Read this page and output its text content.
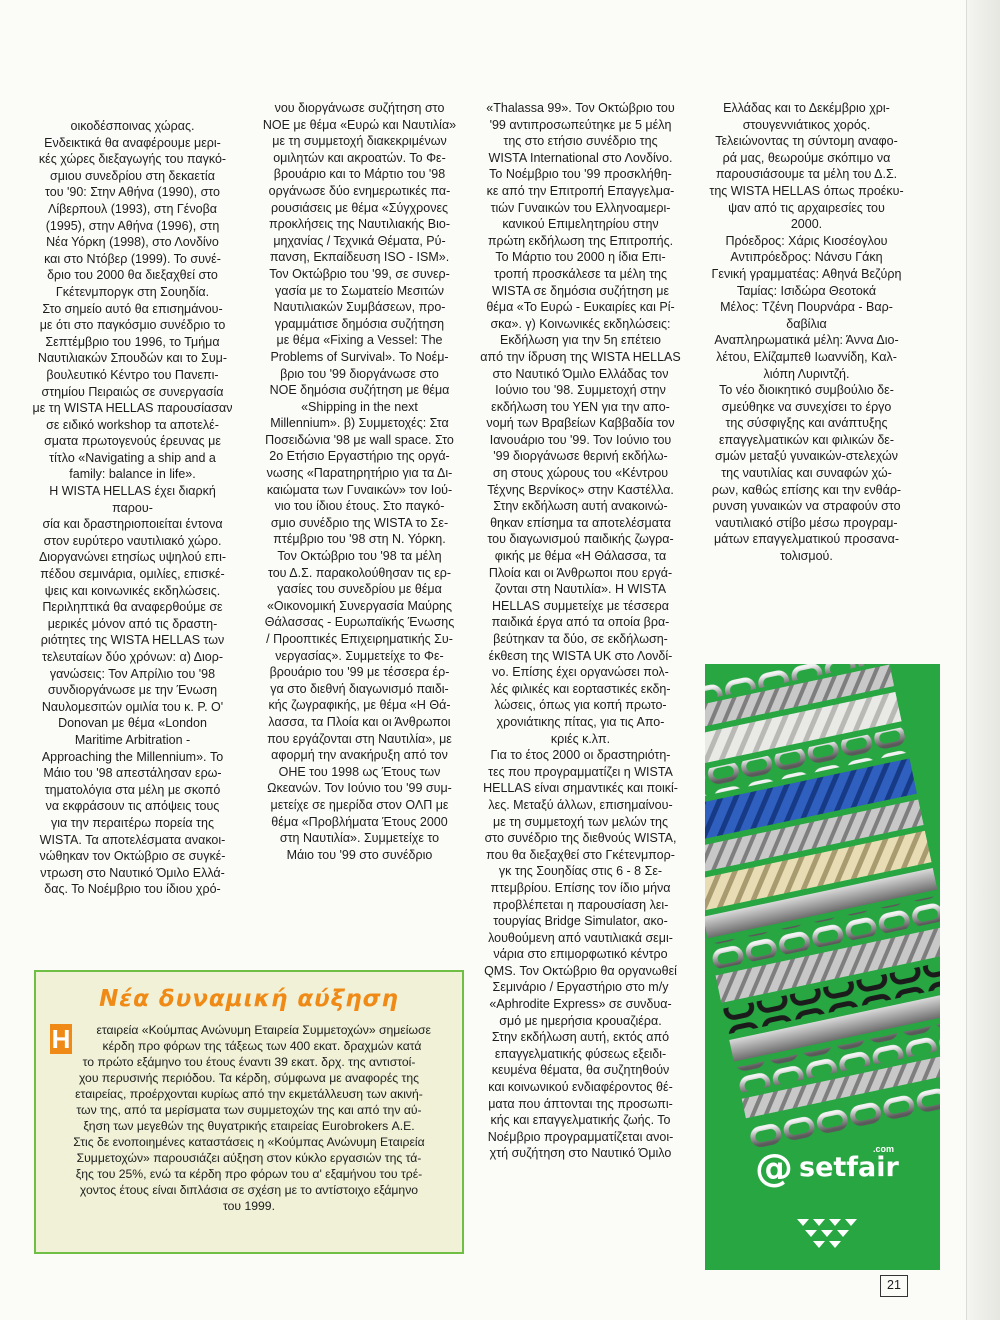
οικοδέσποινας χώρας.
Ενδεικτικά θα αναφέρουμε μερι-
κές χώρες διεξαγωγής του παγκό-
σμιου συνεδρίου στη δεκαετία
του '90: Στην Αθήνα (1990), στο
Λίβερπουλ (1993), στη Γένοβα
(1995), στην Αθήνα (1996), στη
Νέα Υόρκη (1998), στο Λονδίνο
και στο Ντόβερ (1999). Το συνέ-
δριο του 2000 θα διεξαχθεί στο
Γκέτενμποργκ στη Σουηδία.
Στο σημείο αυτό θα επισημάνου-
με ότι στο παγκόσμιο συνέδριο το
Σεπτέμβριο του 1996, το Τμήμα
Ναυτιλιακών Σπουδών και το Συμ-
βουλευτικό Κέντρο του Πανεπι-
στημίου Πειραιώς σε συνεργασία
με τη WISTA HELLAS παρουσίασαν
σε ειδικό workshop τα αποτελέ-
σματα πρωτογενούς έρευνας με
τίτλο «Navigating a ship and a
family: balance in life».
Η WISTA HELLAS έχει διαρκή παρου-
σία και δραστηριοποιείται έντονα
στον ευρύτερο ναυτιλιακό χώρο.
Διοργανώνει ετησίως υψηλού επι-
πέδου σεμινάρια, ομιλίες, επισκέ-
ψεις και κοινωνικές εκδηλώσεις.
Περιληπτικά θα αναφερθούμε σε
μερικές μόνον από τις δραστη-
ριότητες της WISTA HELLAS των
τελευταίων δύο χρόνων: α) Διορ-
γανώσεις: Τον Απρίλιο του '98
συνδιοργάνωσε με την Ένωση
Ναυλομεσιτών ομιλία του κ. Ρ. Ο'
Donovan με θέμα «London
Maritime Arbitration -
Approaching the Millennium». Το
Μάιο του '98 απεστάλησαν ερω-
τηματολόγια στα μέλη με σκοπό
να εκφράσουν τις απόψεις τους
για την περαιτέρω πορεία της
WISTA. Τα αποτελέσματα ανακοι-
νώθηκαν τον Οκτώβριο σε συγκέ-
ντρωση στο Ναυτικό Όμιλο Ελλά-
δας. Το Νοέμβριο του ίδιου χρό-

νου διοργάνωσε συζήτηση στο
ΝΟΕ με θέμα «Ευρώ και Ναυτιλία»
με τη συμμετοχή διακεκριμένων
ομιλητών και ακροατών. Το Φε-
βρουάριο και το Μάρτιο του '98
οργάνωσε δύο ενημερωτικές πα-
ρουσιάσεις με θέμα «Σύγχρονες
προκλήσεις της Ναυτιλιακής Βιο-
μηχανίας / Τεχνικά Θέματα, Ρύ-
πανση, Εκπαίδευση ISO - ISM».
Τον Οκτώβριο του '99, σε συνερ-
γασία με το Σωματείο Μεσιτών
Ναυτιλιακών Συμβάσεων, προ-
γραμμάτισε δημόσια συζήτηση
με θέμα «Fixing a Vessel: The
Problems of Survival». Το Νοέμ-
βριο του '99 διοργάνωσε στο
ΝΟΕ δημόσια συζήτηση με θέμα
«Shipping in the next
Millennium». β) Συμμετοχές: Στα
Ποσειδώνια '98 με wall space. Στο
2ο Ετήσιο Εργαστήριο της οργά-
νωσης «Παρατηρητήριο για τα Δι-
καιώματα των Γυναικών» τον Ιού-
νιο του ίδιου έτους. Στο παγκό-
σμιο συνέδριο της WISTA το Σε-
πτέμβριο του '98 στη Ν. Υόρκη.
Τον Οκτώβριο του '98 τα μέλη
του Δ.Σ. παρακολούθησαν τις ερ-
γασίες του συνεδρίου με θέμα
«Οικονομική Συνεργασία Μαύρης
Θάλασσας - Ευρωπαϊκής Ένωσης
/ Προοπτικές Επιχειρηματικής Συ-
νεργασίας». Συμμετείχε το Φε-
βρουάριο του '99 με τέσσερα έρ-
γα στο διεθνή διαγωνισμό παιδι-
κής ζωγραφικής, με θέμα «Η Θά-
λασσα, τα Πλοία και οι Άνθρωποι
που εργάζονται στη Ναυτιλία», με
αφορμή την ανακήρυξη από τον
ΟΗΕ του 1998 ως Έτους των
Ωκεανών. Τον Ιούνιο του '99 συμ-
μετείχε σε ημερίδα στον ΟΛΠ με
θέμα «Προβλήματα Έτους 2000
στη Ναυτιλία». Συμμετείχε το
Μάιο του '99 στο συνέδριο

«Thalassa 99». Τον Οκτώβριο του
'99 αντιπροσωπεύτηκε με 5 μέλη
της στο ετήσιο συνέδριο της
WISTA International στο Λονδίνο.
Το Νοέμβριο του '99 προσκλήθη-
κε από την Επιτροπή Επαγγελμα-
τιών Γυναικών του Ελληνοαμερι-
κανικού Επιμελητηρίου στην
πρώτη εκδήλωση της Επιτροπής.
Το Μάρτιο του 2000 η ίδια Επι-
τροπή προσκάλεσε τα μέλη της
WISTA σε δημόσια συζήτηση με
θέμα «Το Ευρώ - Ευκαιρίες και Ρί-
σκα». γ) Κοινωνικές εκδηλώσεις:
Εκδήλωση για την 5η επέτειο
από την ίδρυση της WISTA HELLAS
στο Ναυτικό Όμιλο Ελλάδας τον
Ιούνιο του '98. Συμμετοχή στην
εκδήλωση του ΥΕΝ για την απο-
νομή των Βραβείων Καββαδία τον
Ιανουάριο του '99. Τον Ιούνιο του
'99 διοργάνωσε θερινή εκδήλω-
ση στους χώρους του «Κέντρου
Τέχνης Βερνίκος» στην Καστέλλα.
Στην εκδήλωση αυτή ανακοινώ-
θηκαν επίσημα τα αποτελέσματα
του διαγωνισμού παιδικής ζωγρα-
φικής με θέμα «Η Θάλασσα, τα
Πλοία και οι Άνθρωποι που εργά-
ζονται στη Ναυτιλία». Η WISTA
HELLAS συμμετείχε με τέσσερα
παιδικά έργα από τα οποία βρα-
βεύτηκαν τα δύο, σε εκδήλωση-
έκθεση της WISTA UK στο Λονδί-
νο. Επίσης έχει οργανώσει πολ-
λές φιλικές και εορταστικές εκδη-
λώσεις, όπως για κοπή πρωτο-
χρονιάτικης πίτας, για τις Απο-
κριές κ.λπ.
Για το έτος 2000 οι δραστηριότη-
τες που προγραμματίζει η WISTA
HELLAS είναι σημαντικές και ποικί-
λες. Μεταξύ άλλων, επισημαίνου-
με τη συμμετοχή των μελών της
στο συνέδριο της διεθνούς WISTA,
που θα διεξαχθεί στο Γκέτενμπορ-
γκ της Σουηδίας στις 6 - 8 Σε-
πτεμβρίου. Επίσης τον ίδιο μήνα
προβλέπεται η παρουσίαση λει-
τουργίας Bridge Simulator, ακο-
λουθούμενη από ναυτιλιακά σεμι-
νάρια στο επιμορφωτικό κέντρο
QMS. Τον Οκτώβριο θα οργανωθεί
Σεμινάριο / Εργαστήριο στο m/y
«Aphrodite Express» σε συνδυα-
σμό με ημερήσια κρουαζιέρα.
Στην εκδήλωση αυτή, εκτός από
επαγγελματικής φύσεως εξειδι-
κευμένα θέματα, θα συζητηθούν
και κοινωνικού ενδιαφέροντος θέ-
ματα που άπτονται της προσωπι-
κής και επαγγελματικής ζωής. Το
Νοέμβριο προγραμματίζεται ανοι-
χτή συζήτηση στο Ναυτικό Όμιλο

Ελλάδας και το Δεκέμβριο χρι-
στουγεννιάτικος χορός.
Τελειώνοντας τη σύντομη αναφο-
ρά μας, θεωρούμε σκόπιμο να
παρουσιάσουμε τα μέλη του Δ.Σ.
της WISTA HELLAS όπως προέκυ-
ψαν από τις αρχαιρεσίες του
2000.
Πρόεδρος: Χάρις Κιοσέογλου
Αντιπρόεδρος: Νάνσυ Γάκη
Γενική γραμματέας: Αθηνά Βεζύρη
Ταμίας: Ισιδώρα Θεοτοκά
Μέλος: Τζένη Πουρνάρα - Βαρ-
δαβίλια
Αναπληρωματικά μέλη: Άννα Διο-
λέτου, Ελίζαμπεθ Ιωαννίδη, Καλ-
λιόπη Λυριντζή.
Το νέο διοικητικό συμβούλιο δε-
σμεύθηκε να συνεχίσει το έργο
της σύσφιγξης και ανάπτυξης
επαγγελματικών και φιλικών δε-
σμών μεταξύ γυναικών-στελεχών
της ναυτιλίας και συναφών χώ-
ρων, καθώς επίσης και την ενθάρ-
ρυνση γυναικών να στραφούν στο
ναυτιλιακό στίβο μέσω προγραμ-
μάτων επαγγελματικού προσανα-
τολισμού.

Νέα δυναμική αύξηση

Η εταιρεία «Κούμπας Ανώνυμη Εταιρεία Συμμετοχών» σημείωσε
κέρδη προ φόρων της τάξεως των 400 εκατ. δραχμών κατά
το πρώτο εξάμηνο του έτους έναντι 39 εκατ. δρχ. της αντιστοί-
χου περυσινής περιόδου. Τα κέρδη, σύμφωνα με αναφορές της
εταιρείας, προέρχονται κυρίως από την εκμετάλλευση των ακινή-
των της, από τα μερίσματα των συμμετοχών της και από την αύ-
ξηση των μεγεθών της θυγατρικής εταιρείας Eurobrokers Α.Ε.
Στις δε ενοποιημένες καταστάσεις η «Κούμπας Ανώνυμη Εταιρεία
Συμμετοχών» παρουσιάζει αύξηση στον κύκλο εργασιών της τά-
ξης του 25%, ενώ τα κέρδη προ φόρων του α' εξαμήνου του τρέ-
χοντος έτους είναι διπλάσια σε σχέση με το αντίστοιχο εξάμηνο
του 1999.

@ setfair
.com
21
